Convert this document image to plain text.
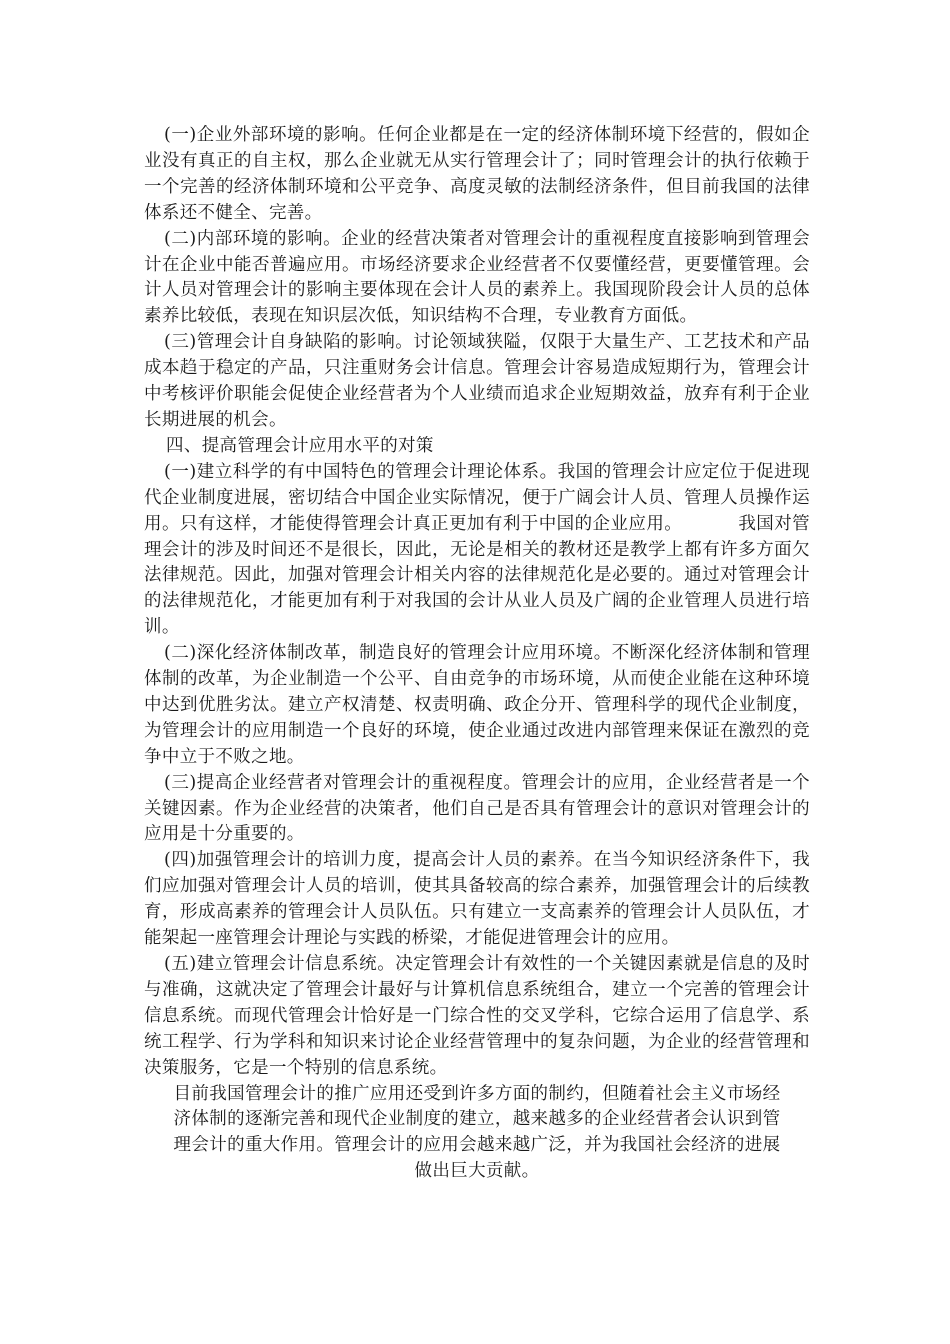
(一)企业外部环境的影响。任何企业都是在一定的经济体制环境下经营的，假如企业没有真正的自主权，那么企业就无从实行管理会计了；同时管理会计的执行依赖于一个完善的经济体制环境和公平竞争、高度灵敏的法制经济条件，但目前我国的法律体系还不健全、完善。

(二)内部环境的影响。企业的经营决策者对管理会计的重视程度直接影响到管理会计在企业中能否普遍应用。市场经济要求企业经营者不仅要懂经营，更要懂管理。会计人员对管理会计的影响主要体现在会计人员的素养上。我国现阶段会计人员的总体素养比较低，表现在知识层次低，知识结构不合理，专业教育方面低。

(三)管理会计自身缺陷的影响。讨论领域狭隘，仅限于大量生产、工艺技术和产品成本趋于稳定的产品，只注重财务会计信息。管理会计容易造成短期行为，管理会计中考核评价职能会促使企业经营者为个人业绩而追求企业短期效益，放弃有利于企业长期进展的机会。

四、提高管理会计应用水平的对策

(一)建立科学的有中国特色的管理会计理论体系。我国的管理会计应定位于促进现代企业制度进展，密切结合中国企业实际情况，便于广阔会计人员、管理人员操作运用。只有这样，才能使得管理会计真正更加有利于中国的企业应用。	我国对管理会计的涉及时间还不是很长，因此，无论是相关的教材还是教学上都有许多方面欠法律规范。因此，加强对管理会计相关内容的法律规范化是必要的。通过对管理会计的法律规范化，才能更加有利于对我国的会计从业人员及广阔的企业管理人员进行培训。

(二)深化经济体制改革，制造良好的管理会计应用环境。不断深化经济体制和管理体制的改革，为企业制造一个公平、自由竞争的市场环境，从而使企业能在这种环境中达到优胜劣汰。建立产权清楚、权责明确、政企分开、管理科学的现代企业制度，为管理会计的应用制造一个良好的环境，使企业通过改进内部管理来保证在激烈的竞争中立于不败之地。

(三)提高企业经营者对管理会计的重视程度。管理会计的应用，企业经营者是一个关键因素。作为企业经营的决策者，他们自己是否具有管理会计的意识对管理会计的应用是十分重要的。

(四)加强管理会计的培训力度，提高会计人员的素养。在当今知识经济条件下，我们应加强对管理会计人员的培训，使其具备较高的综合素养，加强管理会计的后续教育，形成高素养的管理会计人员队伍。只有建立一支高素养的管理会计人员队伍，才能架起一座管理会计理论与实践的桥梁，才能促进管理会计的应用。

(五)建立管理会计信息系统。决定管理会计有效性的一个关键因素就是信息的及时与准确，这就决定了管理会计最好与计算机信息系统组合，建立一个完善的管理会计信息系统。而现代管理会计恰好是一门综合性的交叉学科，它综合运用了信息学、系统工程学、行为学科和知识来讨论企业经营管理中的复杂问题，为企业的经营管理和决策服务，它是一个特别的信息系统。

目前我国管理会计的推广应用还受到许多方面的制约，但随着社会主义市场经
济体制的逐渐完善和现代企业制度的建立，越来越多的企业经营者会认识到管
理会计的重大作用。管理会计的应用会越来越广泛，并为我国社会经济的进展
做出巨大贡献。
